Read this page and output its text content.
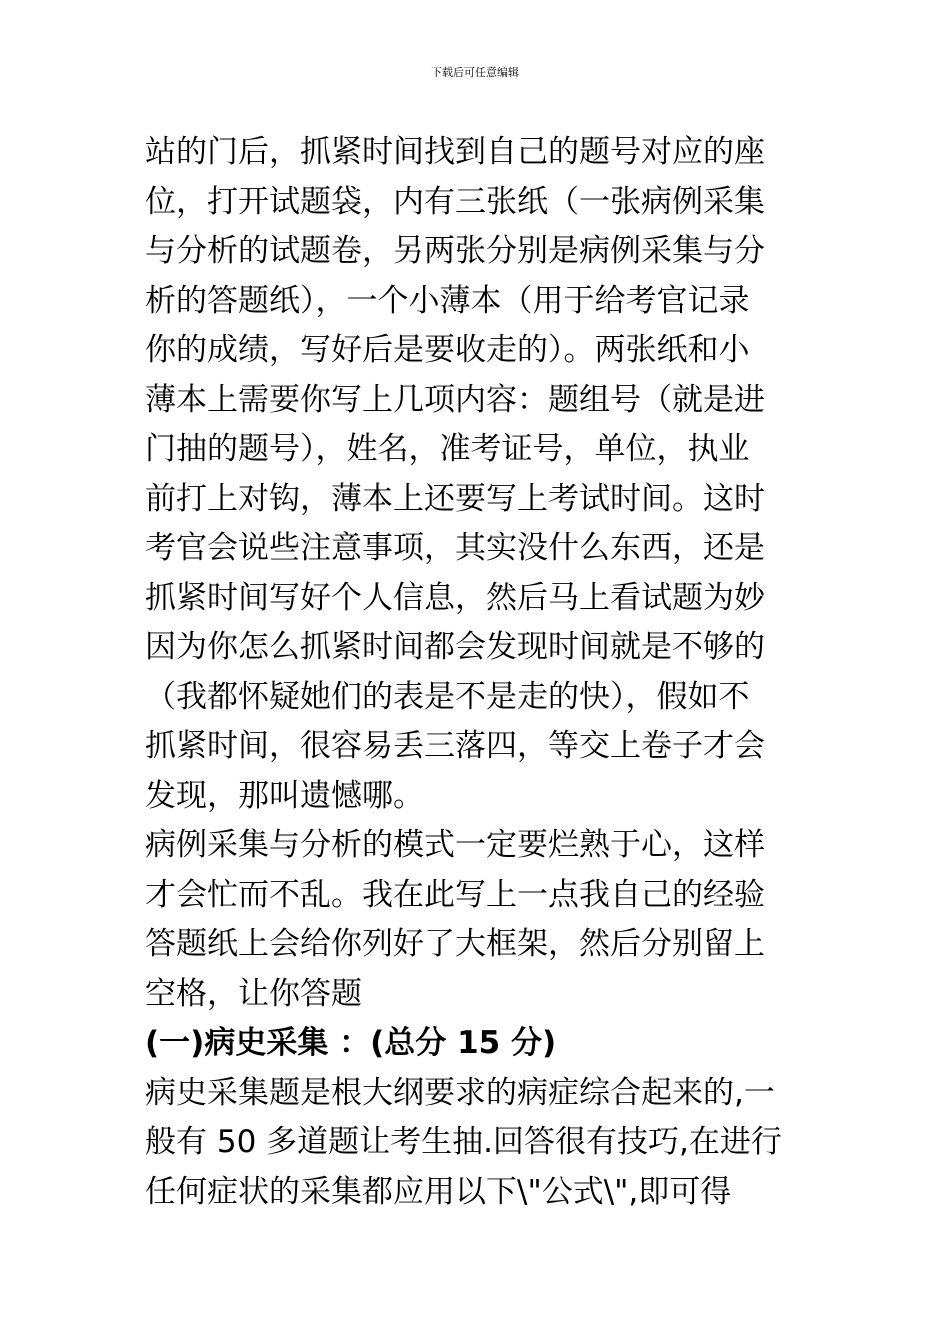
下载后可任意编辑
站的门后，抓紧时间找到自己的题号对应的座
位，打开试题袋，内有三张纸（一张病例采集
与分析的试题卷，另两张分别是病例采集与分
析的答题纸），一个小薄本（用于给考官记录
你的成绩，写好后是要收走的）。两张纸和小
薄本上需要你写上几项内容：题组号（就是进
门抽的题号），姓名，准考证号，单位，执业
前打上对钩，薄本上还要写上考试时间。这时
考官会说些注意事项，其实没什么东西，还是
抓紧时间写好个人信息，然后马上看试题为妙
因为你怎么抓紧时间都会发现时间就是不够的
（我都怀疑她们的表是不是走的快），假如不
抓紧时间，很容易丢三落四，等交上卷子才会
发现，那叫遗憾哪。
病例采集与分析的模式一定要烂熟于心，这样
才会忙而不乱。我在此写上一点我自己的经验
答题纸上会给你列好了大框架，然后分别留上
空格，让你答题
(一)病史采集 ：(总分 15 分)
病史采集题是根大纲要求的病症综合起来的,一
般有 50 多道题让考生抽.回答很有技巧,在进行
任何症状的采集都应用以下\"公式\",即可得
